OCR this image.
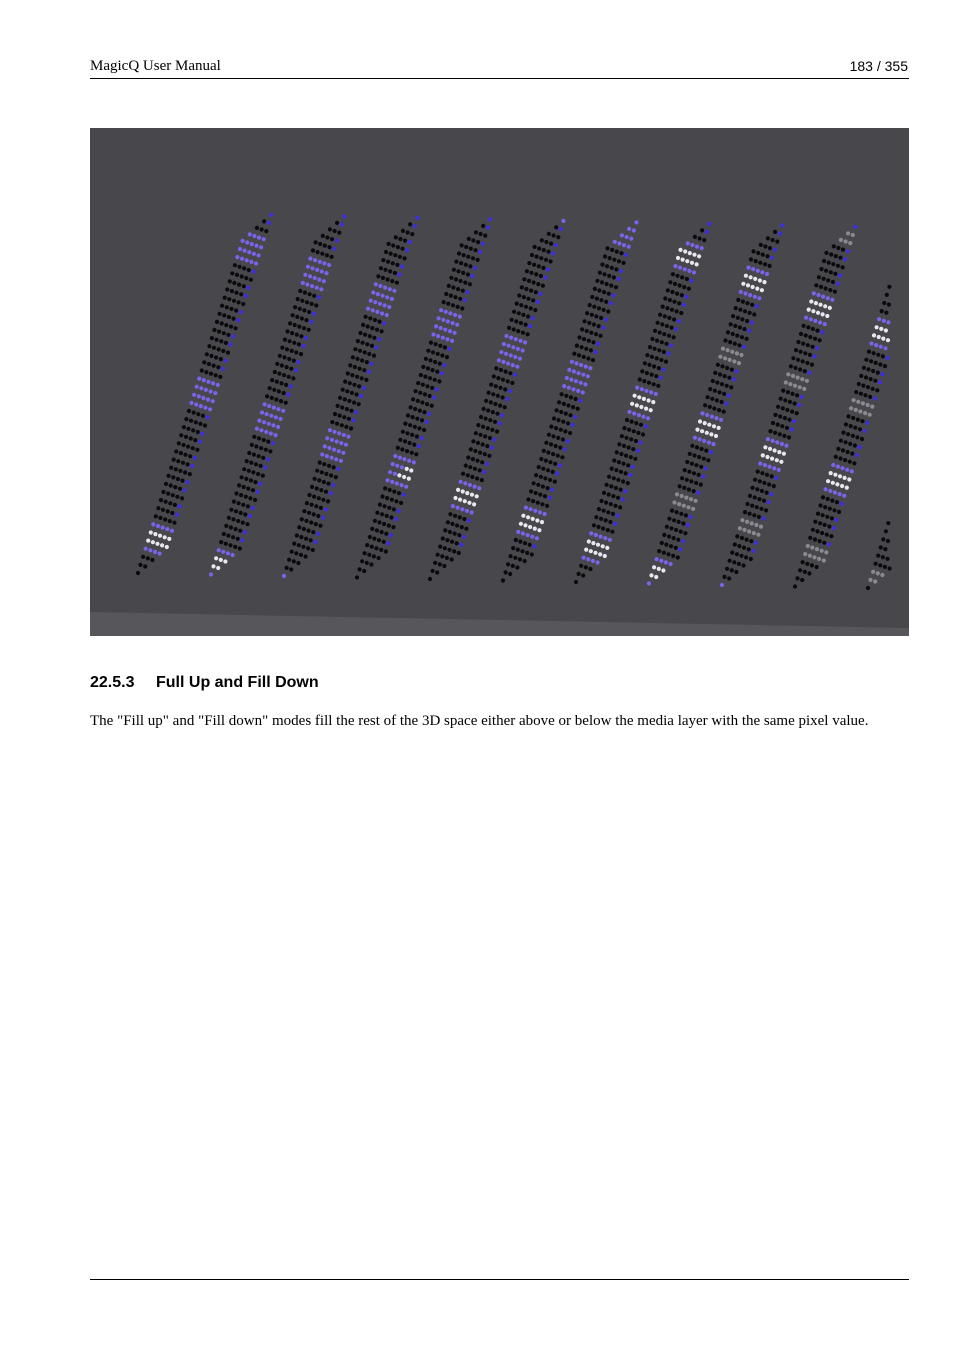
MagicQ User Manual	183 / 355
22.5.3 Full Up and Fill Down

The "Fill up" and "Fill down" modes fill the rest of the 3D space either above or below the media layer with the same pixel value.
